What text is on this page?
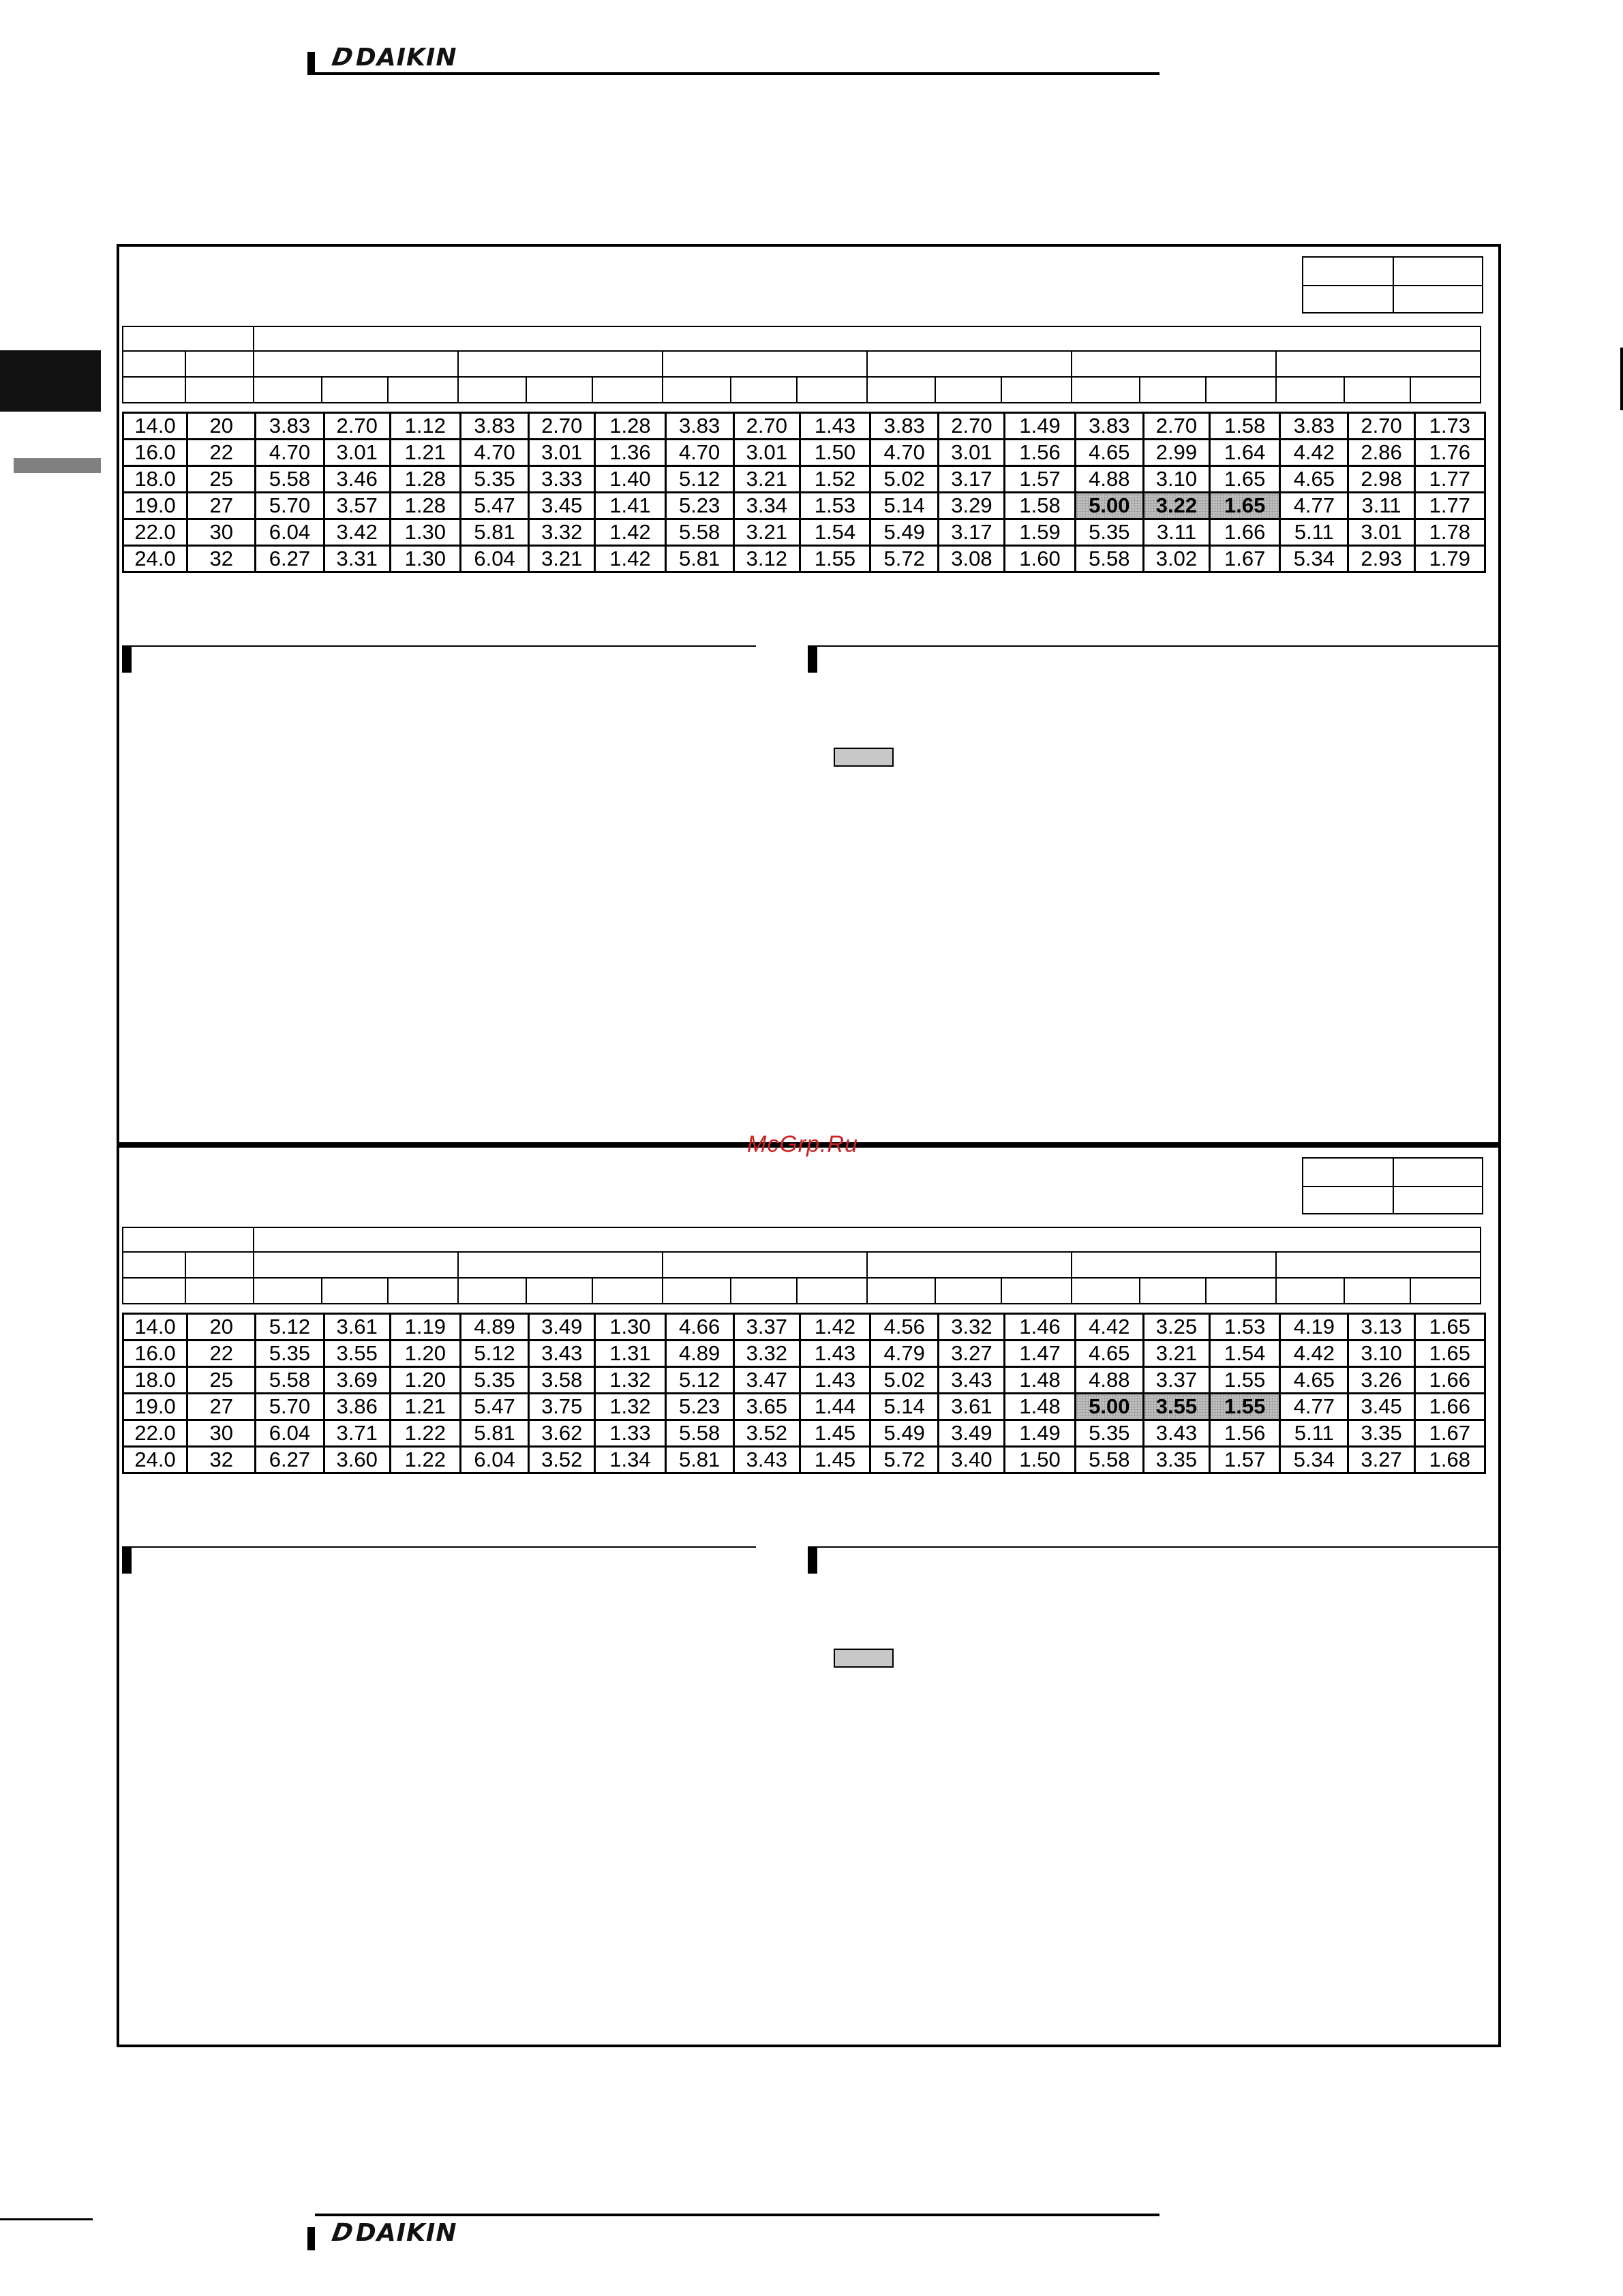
DDAIKIN
14.0	20	3.83	2.70	1.12	3.83	2.70	1.28	3.83	2.70	1.43	3.83	2.70	1.49	3.83	2.70	1.58	3.83	2.70	1.73
16.0	22	4.70	3.01	1.21	4.70	3.01	1.36	4.70	3.01	1.50	4.70	3.01	1.56	4.65	2.99	1.64	4.42	2.86	1.76
18.0	25	5.58	3.46	1.28	5.35	3.33	1.40	5.12	3.21	1.52	5.02	3.17	1.57	4.88	3.10	1.65	4.65	2.98	1.77
19.0	27	5.70	3.57	1.28	5.47	3.45	1.41	5.23	3.34	1.53	5.14	3.29	1.58	5.00	3.22	1.65	4.77	3.11	1.77
22.0	30	6.04	3.42	1.30	5.81	3.32	1.42	5.58	3.21	1.54	5.49	3.17	1.59	5.35	3.11	1.66	5.11	3.01	1.78
24.0	32	6.27	3.31	1.30	6.04	3.21	1.42	5.81	3.12	1.55	5.72	3.08	1.60	5.58	3.02	1.67	5.34	2.93	1.79
14.0	20	5.12	3.61	1.19	4.89	3.49	1.30	4.66	3.37	1.42	4.56	3.32	1.46	4.42	3.25	1.53	4.19	3.13	1.65
16.0	22	5.35	3.55	1.20	5.12	3.43	1.31	4.89	3.32	1.43	4.79	3.27	1.47	4.65	3.21	1.54	4.42	3.10	1.65
18.0	25	5.58	3.69	1.20	5.35	3.58	1.32	5.12	3.47	1.43	5.02	3.43	1.48	4.88	3.37	1.55	4.65	3.26	1.66
19.0	27	5.70	3.86	1.21	5.47	3.75	1.32	5.23	3.65	1.44	5.14	3.61	1.48	5.00	3.55	1.55	4.77	3.45	1.66
22.0	30	6.04	3.71	1.22	5.81	3.62	1.33	5.58	3.52	1.45	5.49	3.49	1.49	5.35	3.43	1.56	5.11	3.35	1.67
24.0	32	6.27	3.60	1.22	6.04	3.52	1.34	5.81	3.43	1.45	5.72	3.40	1.50	5.58	3.35	1.57	5.34	3.27	1.68
McGrp.Ru
DDAIKIN
